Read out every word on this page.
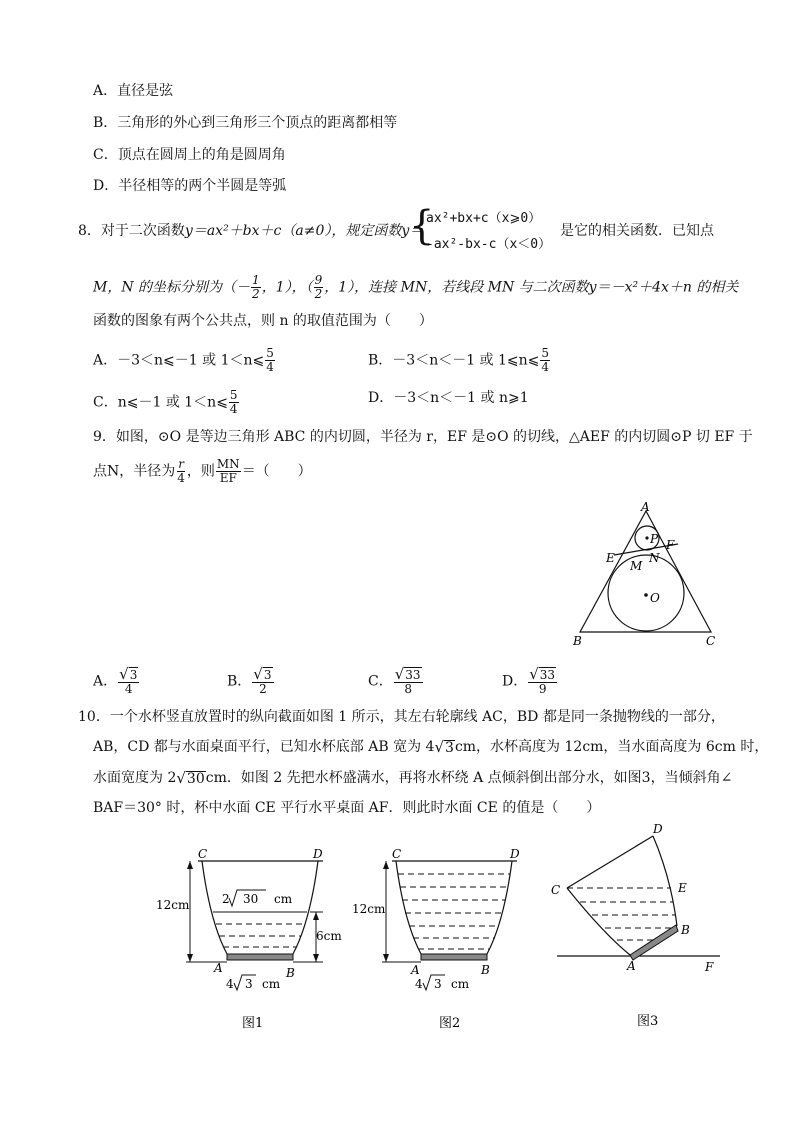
A．直径是弦
B．三角形的外心到三角形三个顶点的距离都相等
C．顶点在圆周上的角是圆周角
D．半径相等的两个半圆是等弧
8．对于二次函数y＝ax²＋bx＋c（a≠0），规定函数y＝
{
ax²+bx+c（x⩾0）
-ax²-bx-c（x＜0）
是它的相关函数．已知点
M，N 的坐标分别为（－ $\frac{1}{2}$ ，1），（ $\frac{9}{2}$ ，1），连接 MN，若线段 MN 与二次函数y＝－x²＋4x＋n 的相关
函数的图象有两个公共点，则 n 的取值范围为（　　）
A．－3＜n⩽－1 或 1＜n⩽ $\frac{5}{4}$	B．－3＜n＜－1 或 1⩽n⩽ $\frac{5}{4}$
C．n⩽－1 或 1＜n⩽ $\frac{5}{4}$	D．－3＜n＜－1 或 n⩾1
9．如图，⊙O 是等边三角形 ABC 的内切圆，半径为 r，EF 是⊙O 的切线，△AEF 的内切圆⊙P 切 EF 于
点N，半径为 $\frac{r}{4}$ ，则 $\frac{MN}{EF}$ ＝（　　）
A
P F
E	N
M
O
B	C
A． $\frac{√ 3}{4}$	B． $\frac{√ 3}{2}$	C． $\frac{√ 33}{8}$	D． $\frac{√ 33}{9}$
10．一个水杯竖直放置时的纵向截面如图 1 所示，其左右轮廓线 AC，BD 都是同一条抛物线的一部分，
AB，CD 都与水面桌面平行，已知水杯底部 AB 宽为 4 √ 3 cm，水杯高度为 12cm，当水面高度为 6cm 时，
水面宽度为 2 √ 30 cm．如图 2 先把水杯盛满水，再将水杯绕 A 点倾斜倒出部分水，如图3，当倾斜角∠
BAF＝30° 时，杯中水面 CE 平行水平桌面 AF．则此时水面 CE 的值是（　　）
12cm
6cm
2 30 cm
C	D
A	B
4 3 cm
图1
12cm
C	D
A	B
4 3 cm
图2
D
C	E
B
A	F
图3
